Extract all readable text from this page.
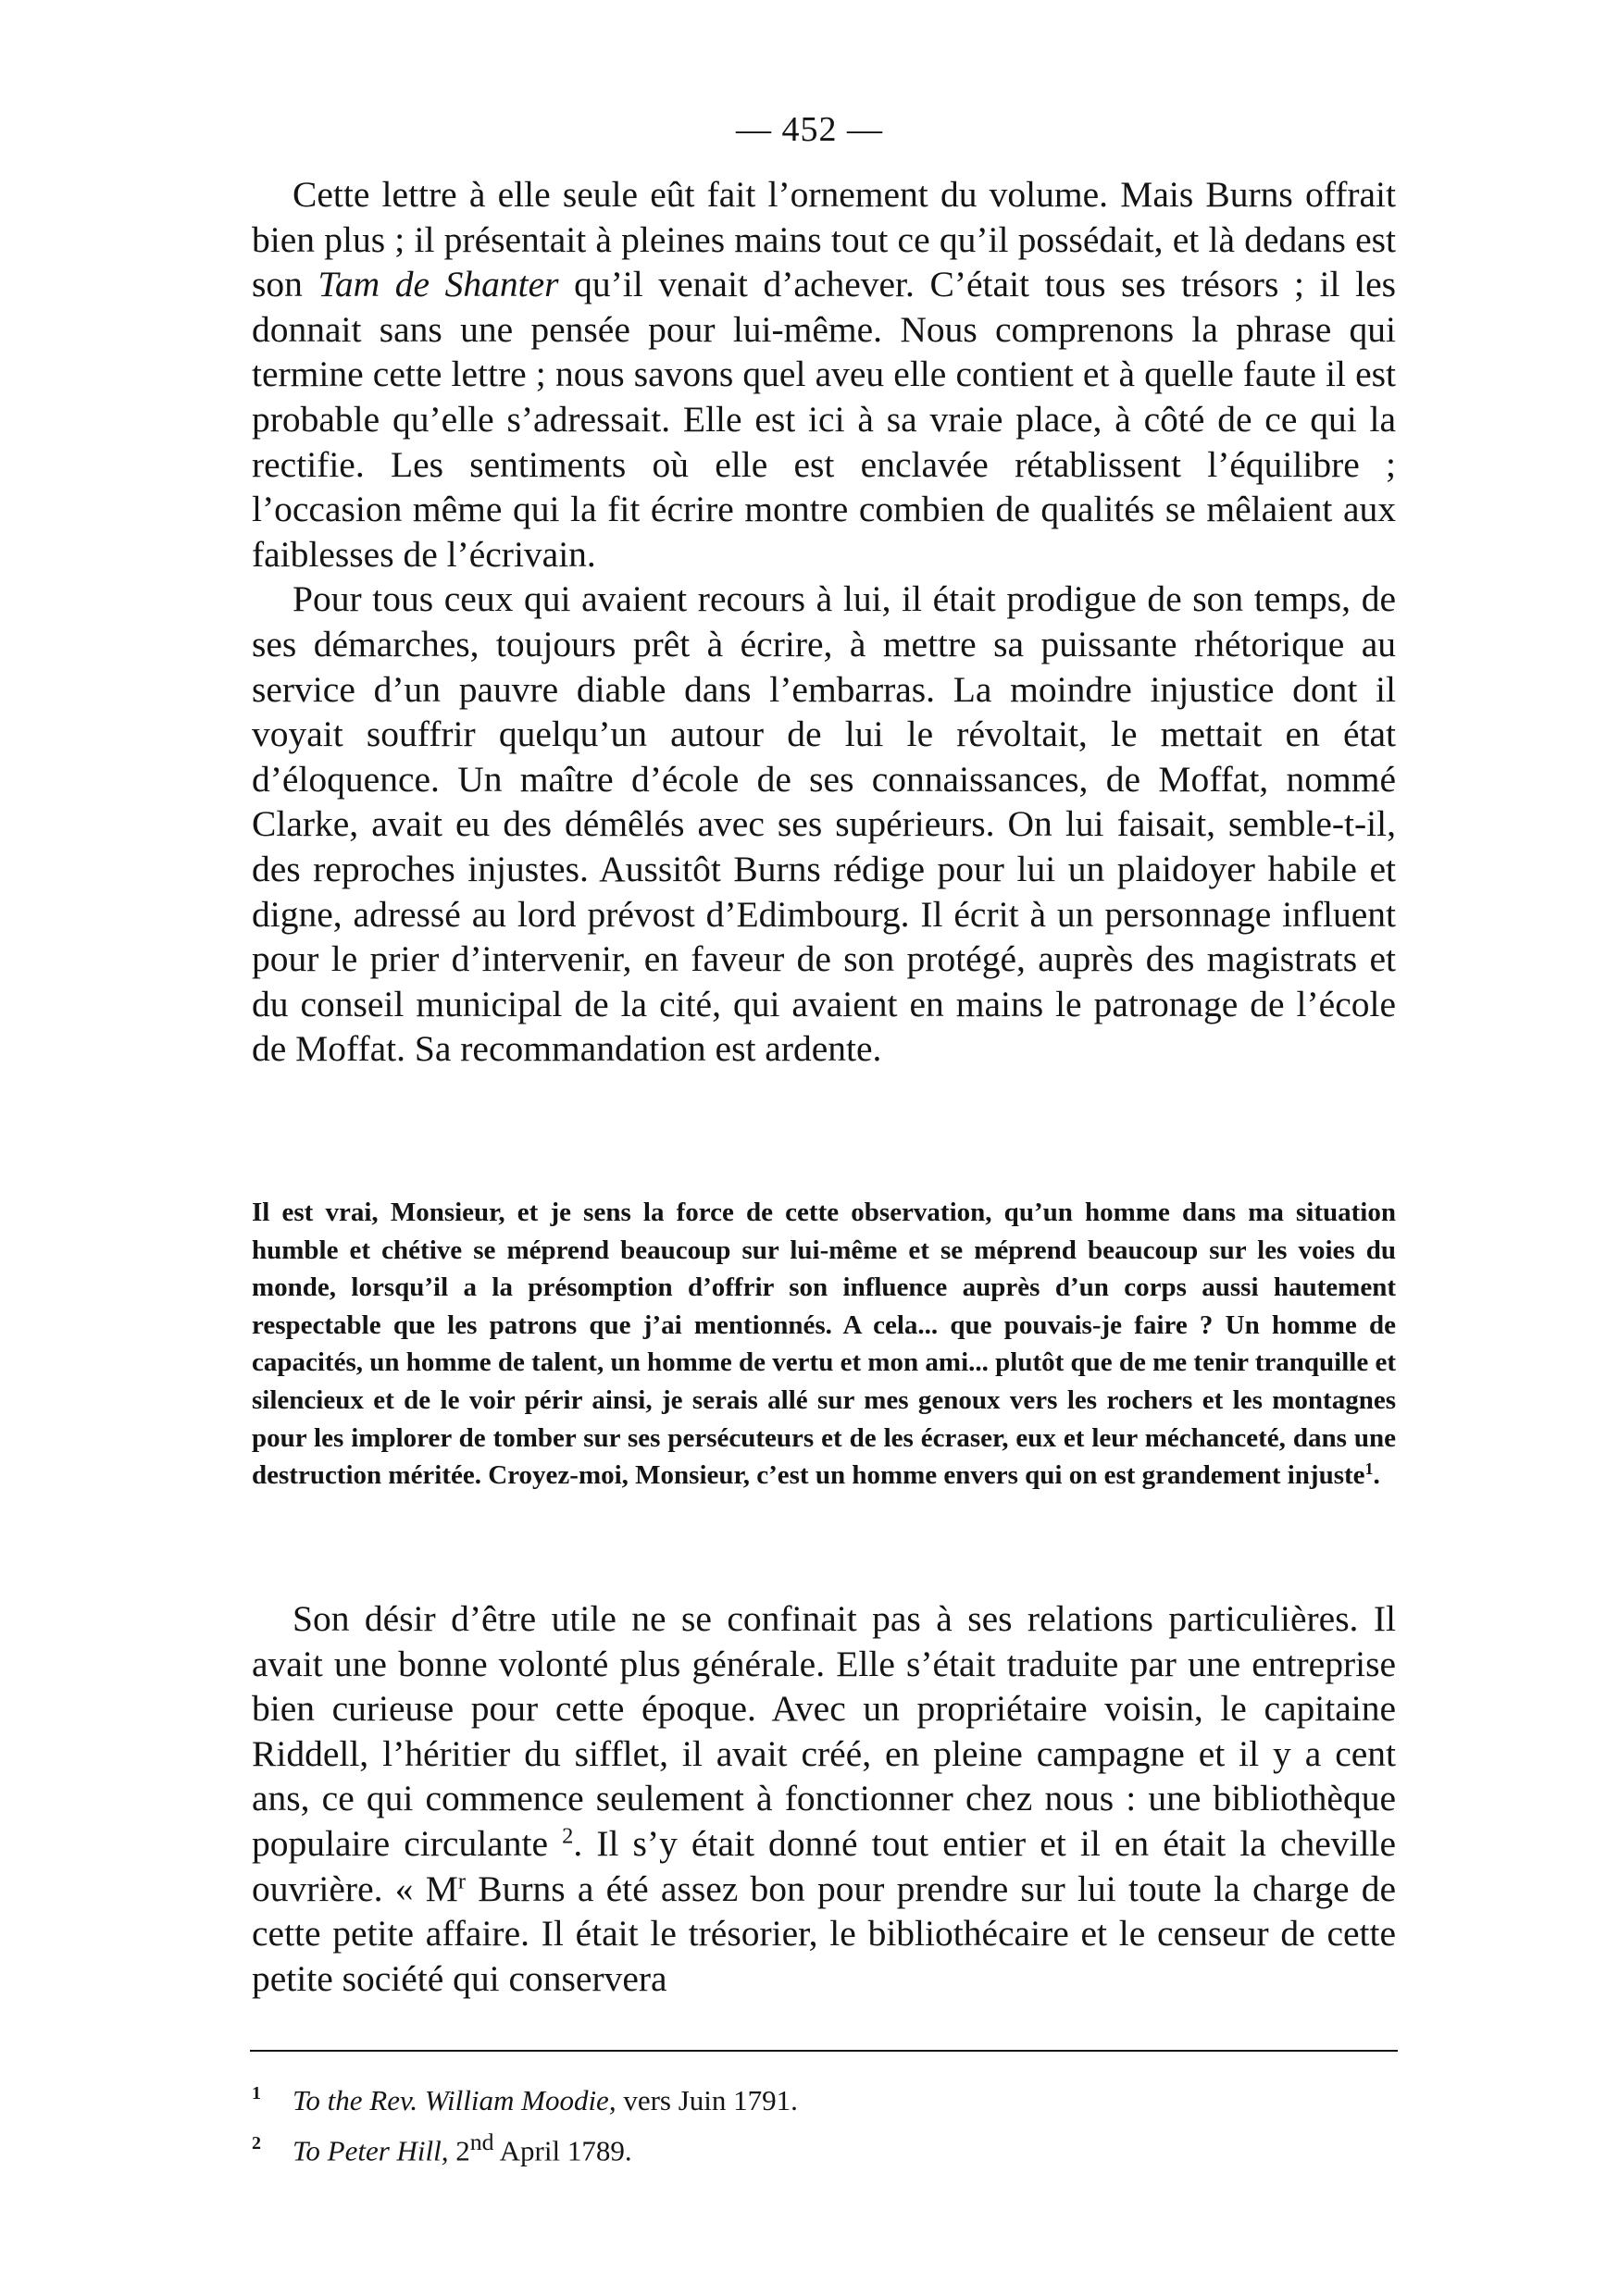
— 452 —

Cette lettre à elle seule eût fait l’ornement du volume. Mais Burns offrait bien plus ; il présentait à pleines mains tout ce qu’il possédait, et là dedans est son Tam de Shanter qu’il venait d’achever. C’était tous ses trésors ; il les donnait sans une pensée pour lui-même. Nous comprenons la phrase qui termine cette lettre ; nous savons quel aveu elle contient et à quelle faute il est probable qu’elle s’adressait. Elle est ici à sa vraie place, à côté de ce qui la rectifie. Les sentiments où elle est enclavée rétablissent l’équilibre ; l’occasion même qui la fit écrire montre combien de qualités se mêlaient aux faiblesses de l’écrivain.

Pour tous ceux qui avaient recours à lui, il était prodigue de son temps, de ses démarches, toujours prêt à écrire, à mettre sa puissante rhétorique au service d’un pauvre diable dans l’embarras. La moindre injustice dont il voyait souffrir quelqu’un autour de lui le révoltait, le mettait en état d’éloquence. Un maître d’école de ses connaissances, de Moffat, nommé Clarke, avait eu des démêlés avec ses supérieurs. On lui faisait, semble-t-il, des reproches injustes. Aussitôt Burns rédige pour lui un plaidoyer habile et digne, adressé au lord prévost d’Edimbourg. Il écrit à un personnage influent pour le prier d’intervenir, en faveur de son protégé, auprès des magistrats et du conseil municipal de la cité, qui avaient en mains le patronage de l’école de Moffat. Sa recommandation est ardente.

Il est vrai, Monsieur, et je sens la force de cette observation, qu’un homme dans ma situation humble et chétive se méprend beaucoup sur lui-même et se méprend beaucoup sur les voies du monde, lorsqu’il a la présomption d’offrir son influence auprès d’un corps aussi hautement respectable que les patrons que j’ai mentionnés. A cela... que pouvais-je faire ? Un homme de capacités, un homme de talent, un homme de vertu et mon ami... plutôt que de me tenir tranquille et silencieux et de le voir périr ainsi, je serais allé sur mes genoux vers les rochers et les montagnes pour les implorer de tomber sur ses persécuteurs et de les écraser, eux et leur méchanceté, dans une destruction méritée. Croyez-moi, Monsieur, c’est un homme envers qui on est grandement injuste$^1$.

Son désir d’être utile ne se confinait pas à ses relations particulières. Il avait une bonne volonté plus générale. Elle s’était traduite par une entreprise bien curieuse pour cette époque. Avec un propriétaire voisin, le capitaine Riddell, l’héritier du sifflet, il avait créé, en pleine campagne et il y a cent ans, ce qui commence seulement à fonctionner chez nous : une bibliothèque populaire circulante $^2$. Il s’y était donné tout entier et il en était la cheville ouvrière. « M$^r$ Burns a été assez bon pour prendre sur lui toute la charge de cette petite affaire. Il était le trésorier, le bibliothécaire et le censeur de cette petite société qui conservera

1 To the Rev. William Moodie, vers Juin 1791.
2 To Peter Hill, 2nd April 1789.
